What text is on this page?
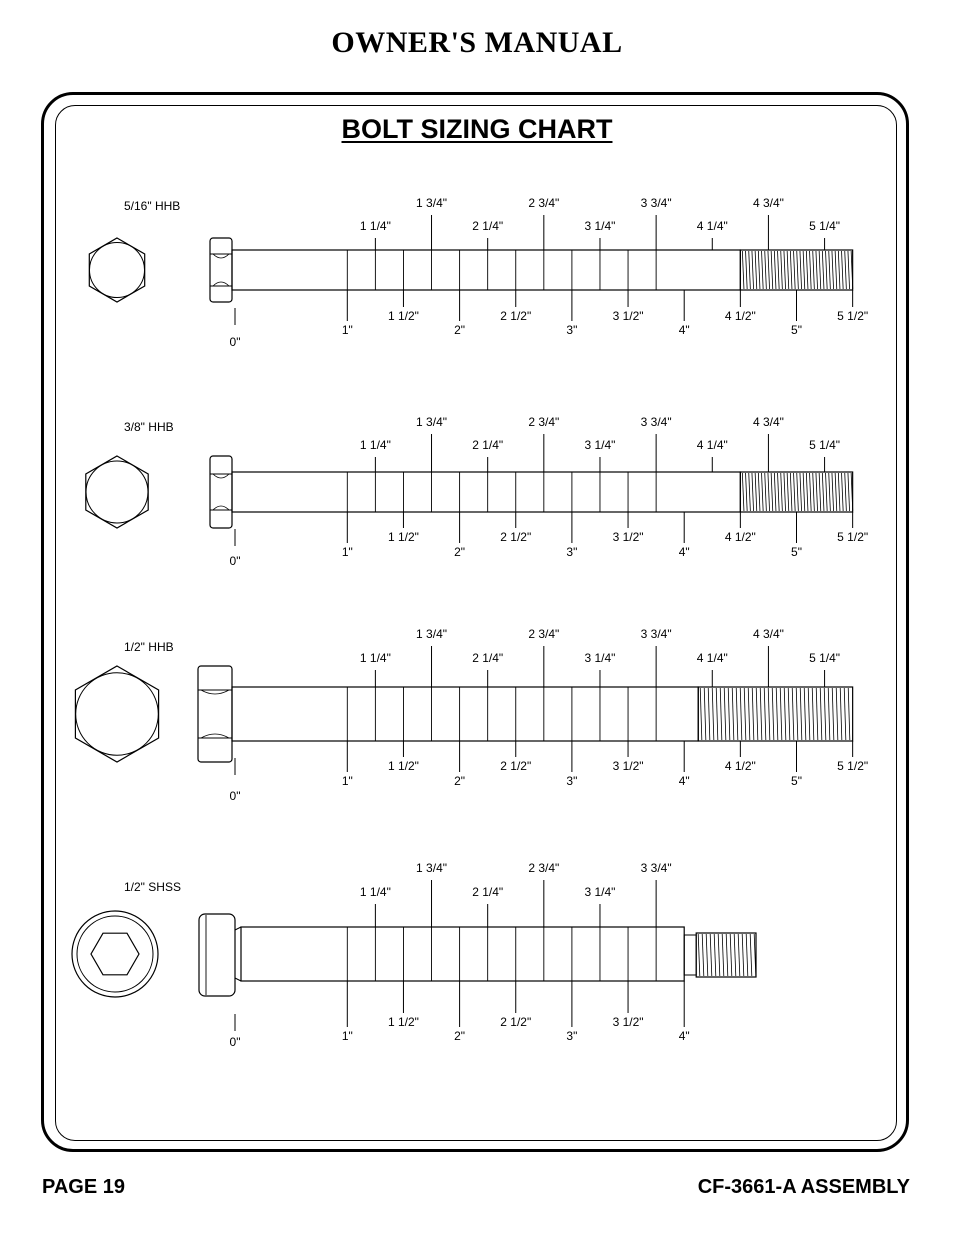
OWNER'S MANUAL
BOLT SIZING CHART
5/16" HHB
0"
1 1/4"
1 3/4"
2 1/4"
2 3/4"
3 1/4"
3 3/4"
4 1/4"
4 3/4"
5 1/4"
1"
1 1/2"
2"
2 1/2"
3"
3 1/2"
4"
4 1/2"
5"
5 1/2"
3/8" HHB
0"
1 1/4"
1 3/4"
2 1/4"
2 3/4"
3 1/4"
3 3/4"
4 1/4"
4 3/4"
5 1/4"
1"
1 1/2"
2"
2 1/2"
3"
3 1/2"
4"
4 1/2"
5"
5 1/2"
1/2" HHB
0"
1 1/4"
1 3/4"
2 1/4"
2 3/4"
3 1/4"
3 3/4"
4 1/4"
4 3/4"
5 1/4"
1"
1 1/2"
2"
2 1/2"
3"
3 1/2"
4"
4 1/2"
5"
5 1/2"
1/2" SHSS
0"
1 1/4"
1 3/4"
2 1/4"
2 3/4"
3 1/4"
3 3/4"
1"
1 1/2"
2"
2 1/2"
3"
3 1/2"
4"
PAGE 19	CF-3661-A ASSEMBLY
